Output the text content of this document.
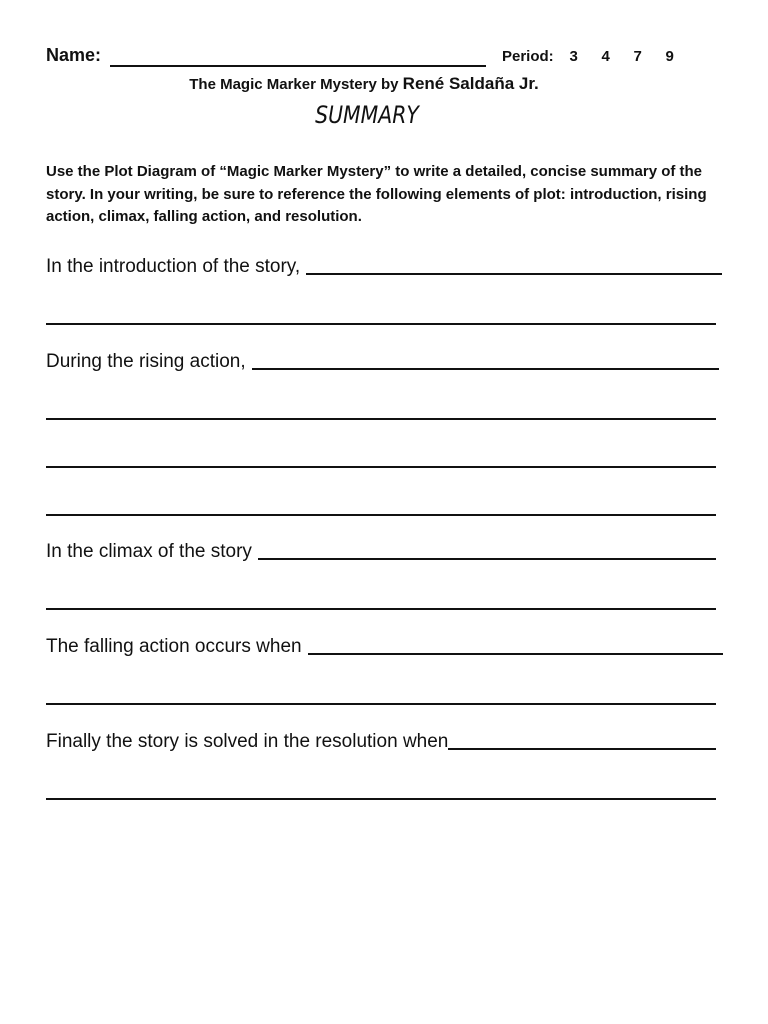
Name:	Period:	3	4	7	9
The Magic Marker Mystery by René Saldaña Jr.
SUMMARY
Use the Plot Diagram of “Magic Marker Mystery” to write a detailed, concise summary of the story. In your writing, be sure to reference the following elements of plot: introduction, rising action, climax, falling action, and resolution.
In the introduction of the story,
During the rising action,
In the climax of the story
The falling action occurs when
Finally the story is solved in the resolution when
